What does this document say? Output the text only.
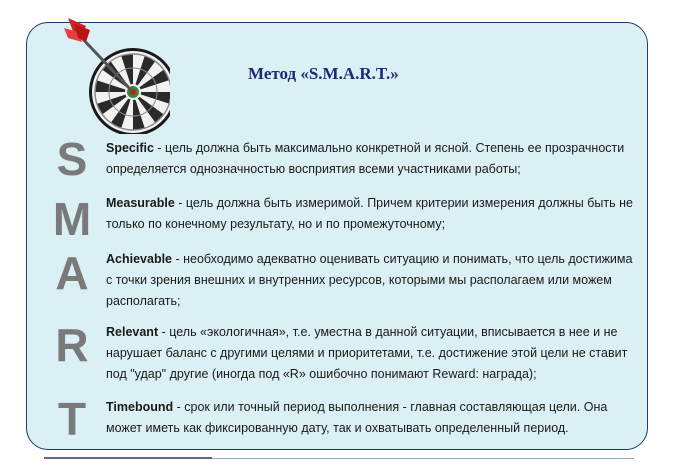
Метод «S.M.A.R.T.»
S
M
A
R
T
Specific - цель должна быть максимально конкретной и ясной. Степень ее прозрачности определяется однозначностью восприятия всеми участниками работы;
Measurable - цель должна быть измеримой. Причем критерии измерения должны быть не только по конечному результату, но и по промежуточному;
Achievable - необходимо адекватно оценивать ситуацию и понимать, что цель достижима с точки зрения внешних и внутренних ресурсов, которыми мы располагаем или можем располагать;
Relevant - цель «экологичная», т.е. уместна в данной ситуации, вписывается в нее и не нарушает баланс с другими целями и приоритетами, т.е. достижение этой цели не ставит под "удар" другие (иногда под «R» ошибочно понимают Reward: награда);
Timebound - срок или точный период выполнения - главная составляющая цели. Она может иметь как фиксированную дату, так и охватывать определенный период.
